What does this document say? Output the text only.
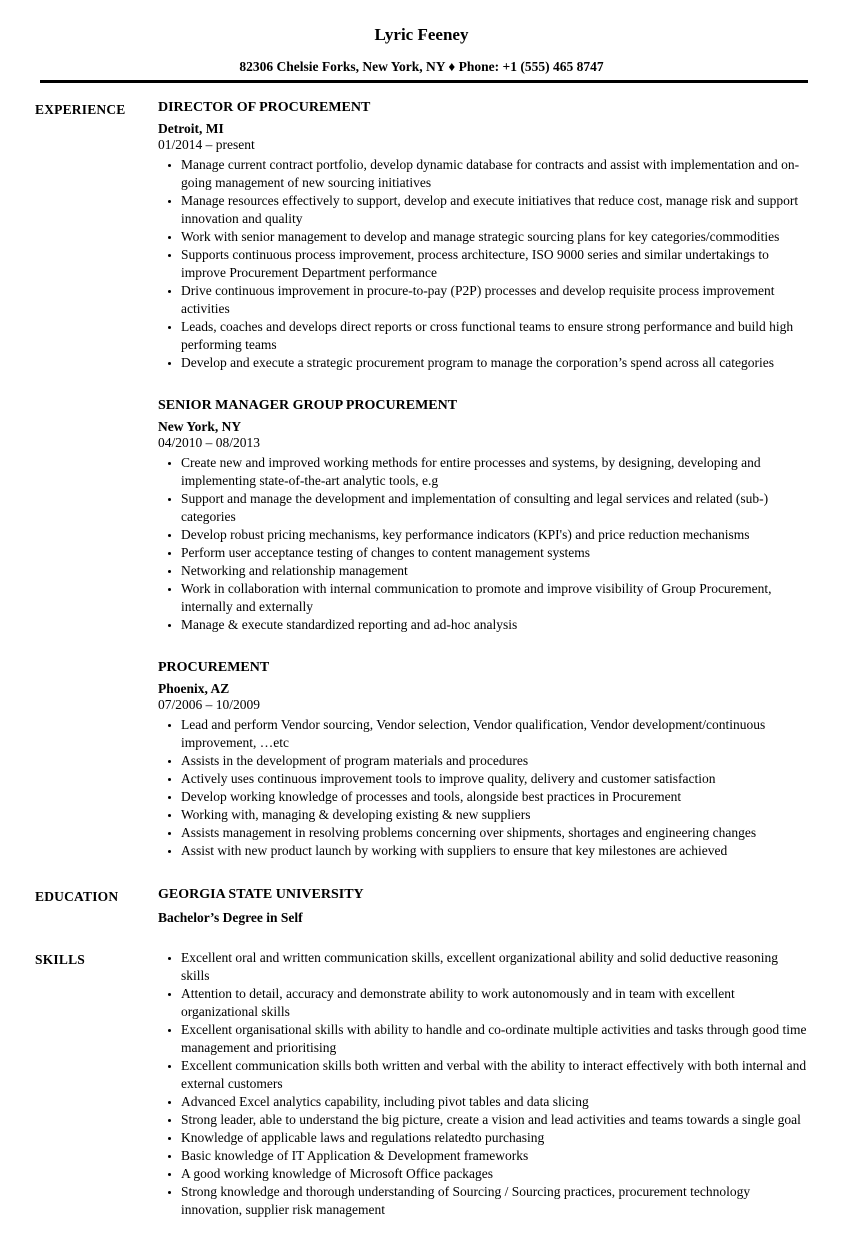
Lyric Feeney
82306 Chelsie Forks, New York, NY ♦ Phone: +1 (555) 465 8747
EXPERIENCE	DIRECTOR OF PROCUREMENT
Detroit, MI
01/2014 – present
• Manage current contract portfolio, develop dynamic database for contracts and assist with implementation and on-going management of new sourcing initiatives
• Manage resources effectively to support, develop and execute initiatives that reduce cost, manage risk and support innovation and quality
• Work with senior management to develop and manage strategic sourcing plans for key categories/commodities
• Supports continuous process improvement, process architecture, ISO 9000 series and similar undertakings to improve Procurement Department performance
• Drive continuous improvement in procure-to-pay (P2P) processes and develop requisite process improvement activities
• Leads, coaches and develops direct reports or cross functional teams to ensure strong performance and build high performing teams
• Develop and execute a strategic procurement program to manage the corporation’s spend across all categories
SENIOR MANAGER GROUP PROCUREMENT
New York, NY
04/2010 – 08/2013
• Create new and improved working methods for entire processes and systems, by designing, developing and implementing state-of-the-art analytic tools, e.g
• Support and manage the development and implementation of consulting and legal services and related (sub-) categories
• Develop robust pricing mechanisms, key performance indicators (KPI's) and price reduction mechanisms
• Perform user acceptance testing of changes to content management systems
• Networking and relationship management
• Work in collaboration with internal communication to promote and improve visibility of Group Procurement, internally and externally
• Manage & execute standardized reporting and ad-hoc analysis
PROCUREMENT
Phoenix, AZ
07/2006 – 10/2009
• Lead and perform Vendor sourcing, Vendor selection, Vendor qualification, Vendor development/continuous improvement, …etc
• Assists in the development of program materials and procedures
• Actively uses continuous improvement tools to improve quality, delivery and customer satisfaction
• Develop working knowledge of processes and tools, alongside best practices in Procurement
• Working with, managing & developing existing & new suppliers
• Assists management in resolving problems concerning over shipments, shortages and engineering changes
• Assist with new product launch by working with suppliers to ensure that key milestones are achieved
EDUCATION	GEORGIA STATE UNIVERSITY
Bachelor’s Degree in Self
SKILLS	• Excellent oral and written communication skills, excellent organizational ability and solid deductive reasoning skills
• Attention to detail, accuracy and demonstrate ability to work autonomously and in team with excellent organizational skills
• Excellent organisational skills with ability to handle and co-ordinate multiple activities and tasks through good time management and prioritising
• Excellent communication skills both written and verbal with the ability to interact effectively with both internal and external customers
• Advanced Excel analytics capability, including pivot tables and data slicing
• Strong leader, able to understand the big picture, create a vision and lead activities and teams towards a single goal
• Knowledge of applicable laws and regulations relatedto purchasing
• Basic knowledge of IT Application & Development frameworks
• A good working knowledge of Microsoft Office packages
• Strong knowledge and thorough understanding of Sourcing / Sourcing practices, procurement technology innovation, supplier risk management
